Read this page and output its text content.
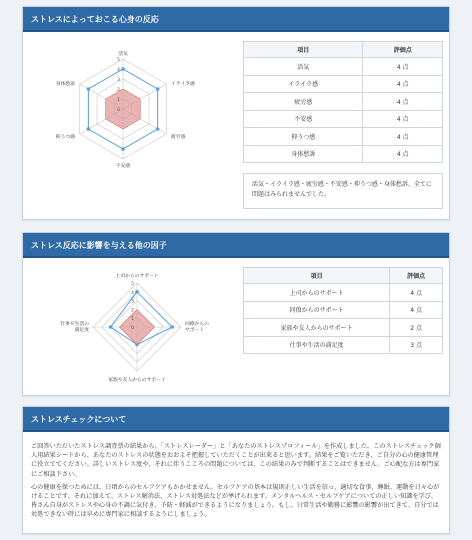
ストレスによっておこる心身の反応
0
1
2
3
4
5
活気
イライラ感
疲労感
不安感
抑うつ感
身体愁訴
項目	評価点
活気	4 点
イライラ感	4 点
疲労感	4 点
不安感	4 点
抑うつ感	4 点
身体愁訴	4 点
活気・イライラ感・疲労感・不安感・抑うつ感・身体愁訴、全てに問題はみられませんでした。
ストレス反応に影響を与える他の因子
0
1
2
3
4
5
上司からのサポート
同僚からの
サポート
家族や友人からのサポート
仕事や生活の
満足度
項目	評価点
上司からのサポート	4 点
同僚からのサポート	4 点
家族や友人からのサポート	2 点
仕事や生活の満足度	3 点
ストレスチェックについて

ご回答いただいたストレス調査票の結果から、「ストレスレーダー」と「あなたのストレスプロフィール」を作成しました。このストレスチェック個人用結果シートから、あなたのストレスの状態をおおよそ把握していただくことが出来ると思います。結果をご覧いただき、ご自分の心の健康管理に役立ててください。詳しいストレス度や、それに伴うこころの問題については、この結果のみで判断することはできません。ご心配な方は専門家にご相談下さい。

心の健康を保つためには、日頃からのセルフケアもかかせません。セルフケアの基本は規則正しい生活を信っ、適切な食事、睡眠、運動を日々心がけることです。それに加えて、ストレス解消法、ストレス対処法などが挙げられます。メンタルヘルス・セルフケアについての正しい知識を学び、皆さん自身がストレスや心身の不調に気付き、予防・軽減ができるようになりましょう。もし、日常生活や勤務に影響の影響が出てきて、自分では対処できない時には早めに専門家に相談するようにしましょう。
